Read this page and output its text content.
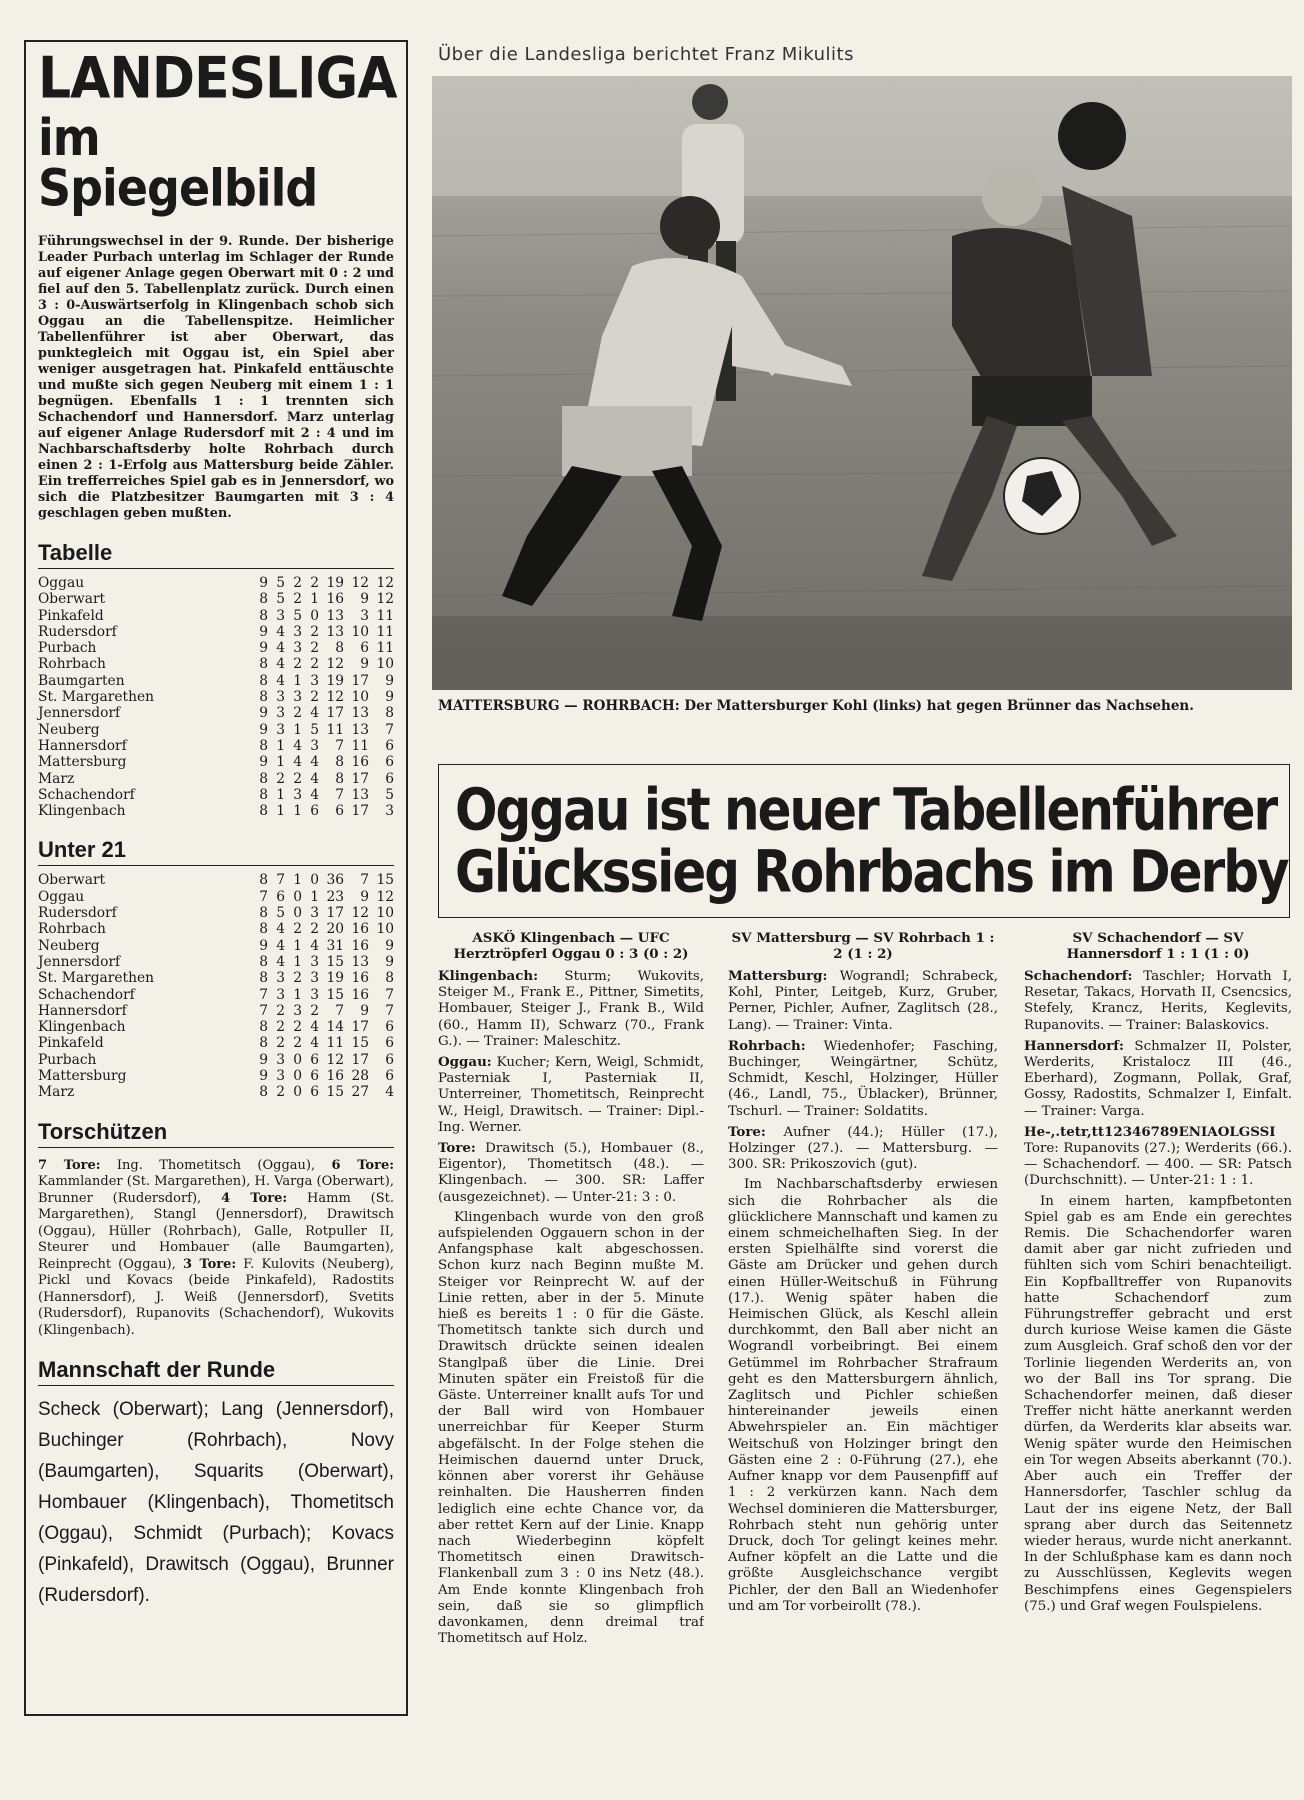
LANDESLIGA
im Spiegelbild

Führungswechsel in der 9. Runde. Der bisherige Leader Purbach unterlag im Schlager der Runde auf eigener Anlage gegen Oberwart mit 0 : 2 und fiel auf den 5. Tabellenplatz zurück. Durch einen 3 : 0-Auswärtserfolg in Klingenbach schob sich Oggau an die Tabellenspitze. Heimlicher Tabellenführer ist aber Oberwart, das punktegleich mit Oggau ist, ein Spiel aber weniger ausgetragen hat. Pinkafeld enttäuschte und mußte sich gegen Neuberg mit einem 1 : 1 begnügen. Ebenfalls 1 : 1 trennten sich Schachendorf und Hannersdorf. Marz unterlag auf eigener Anlage Rudersdorf mit 2 : 4 und im Nachbarschaftsderby holte Rohrbach durch einen 2 : 1-Erfolg aus Mattersburg beide Zähler. Ein trefferreiches Spiel gab es in Jennersdorf, wo sich die Platzbesitzer Baumgarten mit 3 : 4 geschlagen geben mußten.

Tabelle
Oggau	9	5	2	2	19	12	12
Oberwart	8	5	2	1	16	9	12
Pinkafeld	8	3	5	0	13	3	11
Rudersdorf	9	4	3	2	13	10	11
Purbach	9	4	3	2	8	6	11
Rohrbach	8	4	2	2	12	9	10
Baumgarten	8	4	1	3	19	17	9
St. Margarethen	8	3	3	2	12	10	9
Jennersdorf	9	3	2	4	17	13	8
Neuberg	9	3	1	5	11	13	7
Hannersdorf	8	1	4	3	7	11	6
Mattersburg	9	1	4	4	8	16	6
Marz	8	2	2	4	8	17	6
Schachendorf	8	1	3	4	7	13	5
Klingenbach	8	1	1	6	6	17	3
Unter 21
Oberwart	8	7	1	0	36	7	15
Oggau	7	6	0	1	23	9	12
Rudersdorf	8	5	0	3	17	12	10
Rohrbach	8	4	2	2	20	16	10
Neuberg	9	4	1	4	31	16	9
Jennersdorf	8	4	1	3	15	13	9
St. Margarethen	8	3	2	3	19	16	8
Schachendorf	7	3	1	3	15	16	7
Hannersdorf	7	2	3	2	7	9	7
Klingenbach	8	2	2	4	14	17	6
Pinkafeld	8	2	2	4	11	15	6
Purbach	9	3	0	6	12	17	6
Mattersburg	9	3	0	6	16	28	6
Marz	8	2	0	6	15	27	4
Torschützen

7 Tore: Ing. Thometitsch (Oggau), 6 Tore: Kammlander (St. Margarethen), H. Varga (Oberwart), Brunner (Rudersdorf), 4 Tore: Hamm (St. Margarethen), Stangl (Jennersdorf), Drawitsch (Oggau), Hüller (Rohrbach), Galle, Rotpuller II, Steurer und Hombauer (alle Baumgarten), Reinprecht (Oggau), 3 Tore: F. Kulovits (Neuberg), Pickl und Kovacs (beide Pinkafeld), Radostits (Hannersdorf), J. Weiß (Jennersdorf), Svetits (Rudersdorf), Rupanovits (Schachendorf), Wukovits (Klingenbach).

Mannschaft der Runde

Scheck (Oberwart); Lang (Jennersdorf), Buchinger (Rohrbach), Novy (Baumgarten), Squarits (Oberwart), Hombauer (Klingenbach), Thometitsch (Oggau), Schmidt (Purbach); Kovacs (Pinkafeld), Drawitsch (Oggau), Brunner (Rudersdorf).

Über die Landesliga berichtet Franz Mikulits
MATTERSBURG — ROHRBACH: Der Mattersburger Kohl (links) hat gegen Brünner das Nachsehen.
Oggau ist neuer Tabellenführer
Glückssieg Rohrbachs im Derby
ASKÖ Klingenbach — UFC Herztröpferl Oggau 0 : 3 (0 : 2)

Klingenbach: Sturm; Wukovits, Steiger M., Frank E., Pittner, Simetits, Hombauer, Steiger J., Frank B., Wild (60., Hamm II), Schwarz (70., Frank G.). — Trainer: Maleschitz.

Oggau: Kucher; Kern, Weigl, Schmidt, Pasterniak I, Pasterniak II, Unterreiner, Thometitsch, Reinprecht W., Heigl, Drawitsch. — Trainer: Dipl.-Ing. Werner.

Tore: Drawitsch (5.), Hombauer (8., Eigentor), Thometitsch (48.). — Klingenbach. — 300. SR: Laffer (ausgezeichnet). — Unter-21: 3 : 0.

Klingenbach wurde von den groß aufspielenden Oggauern schon in der Anfangsphase kalt abgeschossen. Schon kurz nach Beginn mußte M. Steiger vor Reinprecht W. auf der Linie retten, aber in der 5. Minute hieß es bereits 1 : 0 für die Gäste. Thometitsch tankte sich durch und Drawitsch drückte seinen idealen Stanglpaß über die Linie. Drei Minuten später ein Freistoß für die Gäste. Unterreiner knallt aufs Tor und der Ball wird von Hombauer unerreichbar für Keeper Sturm abgefälscht. In der Folge stehen die Heimischen dauernd unter Druck, können aber vorerst ihr Gehäuse reinhalten. Die Hausherren finden lediglich eine echte Chance vor, da aber rettet Kern auf der Linie. Knapp nach Wiederbeginn köpfelt Thometitsch einen Drawitsch-Flankenball zum 3 : 0 ins Netz (48.). Am Ende konnte Klingenbach froh sein, daß sie so glimpflich davonkamen, denn dreimal traf Thometitsch auf Holz.

SV Mattersburg — SV Rohrbach 1 : 2 (1 : 2)

Mattersburg: Wograndl; Schrabeck, Kohl, Pinter, Leitgeb, Kurz, Gruber, Perner, Pichler, Aufner, Zaglitsch (28., Lang). — Trainer: Vinta.

Rohrbach: Wiedenhofer; Fasching, Buchinger, Weingärtner, Schütz, Schmidt, Keschl, Holzinger, Hüller (46., Landl, 75., Üblacker), Brünner, Tschurl. — Trainer: Soldatits.

Tore: Aufner (44.); Hüller (17.), Holzinger (27.). — Mattersburg. — 300. SR: Prikoszovich (gut).

Im Nachbarschaftsderby erwiesen sich die Rohrbacher als die glücklichere Mannschaft und kamen zu einem schmeichelhaften Sieg. In der ersten Spielhälfte sind vorerst die Gäste am Drücker und gehen durch einen Hüller-Weitschuß in Führung (17.). Wenig später haben die Heimischen Glück, als Keschl allein durchkommt, den Ball aber nicht an Wograndl vorbeibringt. Bei einem Getümmel im Rohrbacher Strafraum geht es den Mattersburgern ähnlich, Zaglitsch und Pichler schießen hintereinander jeweils einen Abwehrspieler an. Ein mächtiger Weitschuß von Holzinger bringt den Gästen eine 2 : 0-Führung (27.), ehe Aufner knapp vor dem Pausenpfiff auf 1 : 2 verkürzen kann. Nach dem Wechsel dominieren die Mattersburger, Rohrbach steht nun gehörig unter Druck, doch Tor gelingt keines mehr. Aufner köpfelt an die Latte und die größte Ausgleichschance vergibt Pichler, der den Ball an Wiedenhofer und am Tor vorbeirollt (78.).

SV Schachendorf — SV Hannersdorf 1 : 1 (1 : 0)

Schachendorf: Taschler; Horvath I, Resetar, Takacs, Horvath II, Csencsics, Stefely, Krancz, Herits, Keglevits, Rupanovits. — Trainer: Balaskovics.

Hannersdorf: Schmalzer II, Polster, Werderits, Kristalocz III (46., Eberhard), Zogmann, Pollak, Graf, Gossy, Radostits, Schmalzer I, Einfalt. — Trainer: Varga.

He-,.tetr,tt12346789ENIAOLGSSI Tore: Rupanovits (27.); Werderits (66.). — Schachendorf. — 400. — SR: Patsch (Durchschnitt). — Unter-21: 1 : 1.

In einem harten, kampfbetonten Spiel gab es am Ende ein gerechtes Remis. Die Schachendorfer waren damit aber gar nicht zufrieden und fühlten sich vom Schiri benachteiligt. Ein Kopfballtreffer von Rupanovits hatte Schachendorf zum Führungstreffer gebracht und erst durch kuriose Weise kamen die Gäste zum Ausgleich. Graf schoß den vor der Torlinie liegenden Werderits an, von wo der Ball ins Tor sprang. Die Schachendorfer meinen, daß dieser Treffer nicht hätte anerkannt werden dürfen, da Werderits klar abseits war. Wenig später wurde den Heimischen ein Tor wegen Abseits aberkannt (70.). Aber auch ein Treffer der Hannersdorfer, Taschler schlug da Laut der ins eigene Netz, der Ball sprang aber durch das Seitennetz wieder heraus, wurde nicht anerkannt. In der Schlußphase kam es dann noch zu Ausschlüssen, Keglevits wegen Beschimpfens eines Gegenspielers (75.) und Graf wegen Foulspielens.
